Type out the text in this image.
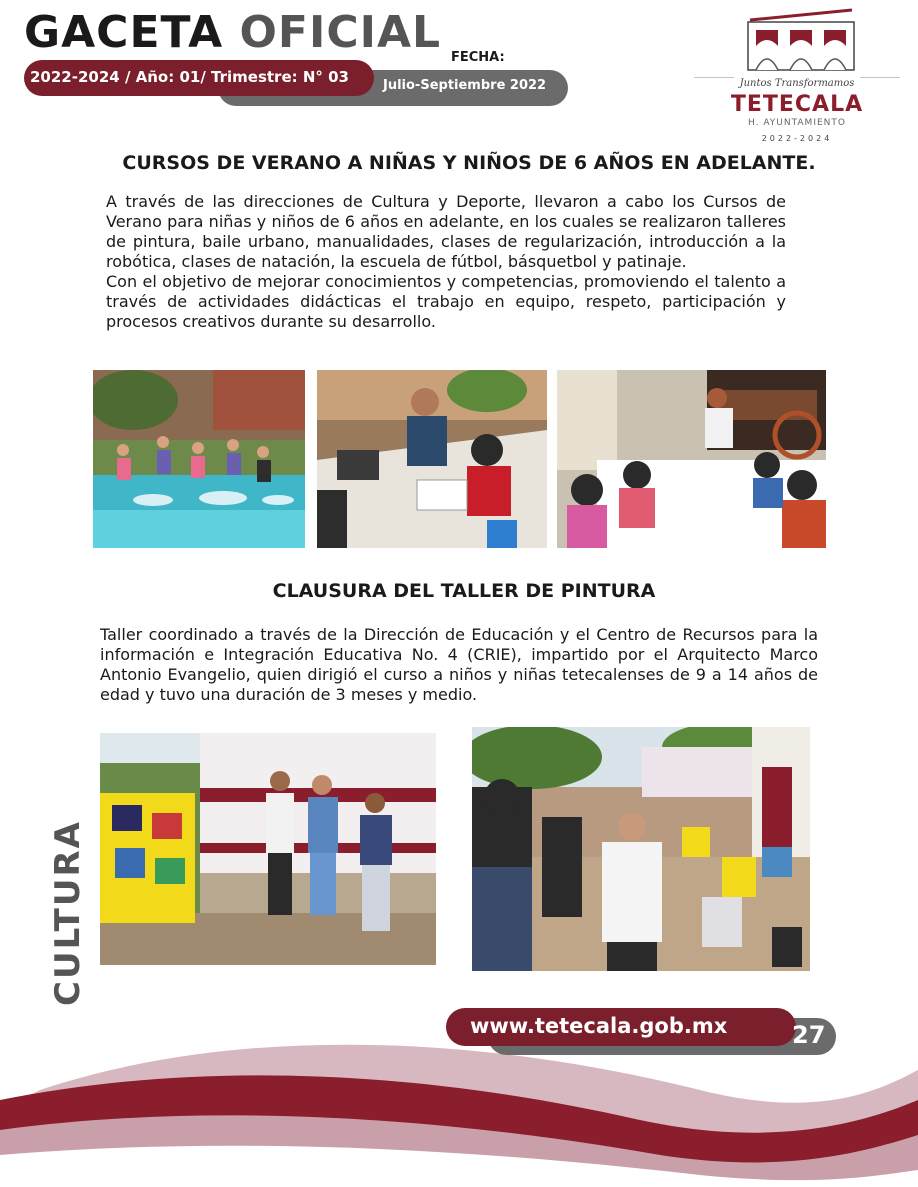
GACETA OFICIAL FECHA:
Julio-Septiembre 2022
2022-2024 / Año: 01/ Trimestre: N° 03	Juntos Transformamos
TETECALA
H. AYUNTAMIENTO
2022-2024
CURSOS DE VERANO A NIÑAS Y NIÑOS DE 6 AÑOS EN ADELANTE.

A través de las direcciones de Cultura y Deporte, llevaron a cabo los Cursos de Verano para niñas y niños de 6 años en adelante, en los cuales se realizaron talleres de pintura, baile urbano, manualidades, clases de regularización, introducción a la robótica, clases de natación, la escuela de fútbol, básquetbol y patinaje.

Con el objetivo de mejorar conocimientos y competencias, promoviendo el talento a través de actividades didácticas el trabajo en equipo, respeto, participación y procesos creativos durante su desarrollo.

CLAUSURA DEL TALLER DE PINTURA
Taller coordinado a través de la Dirección de Educación y el Centro de Recursos para la información e Integración Educativa No. 4 (CRIE), impartido por el Arquitecto Marco Antonio Evangelio, quien dirigió el curso a niños y niñas tetecalenses de 9 a 14 años de edad y tuvo una duración de 3 meses y medio.
CULTURA
www.tetecala.gob.mx	27
